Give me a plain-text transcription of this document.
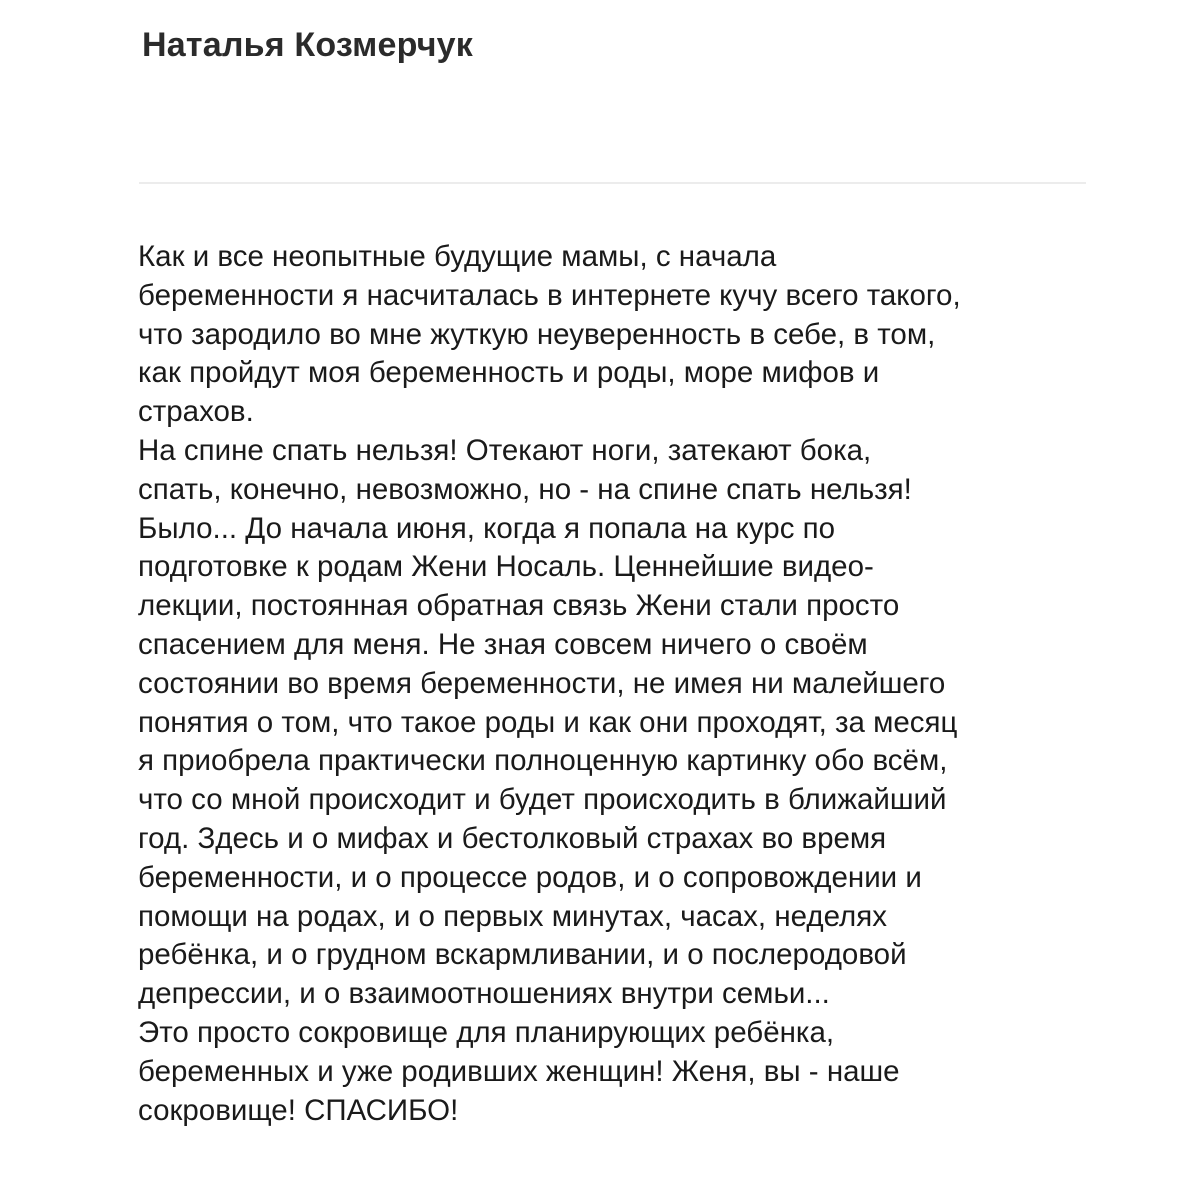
Наталья Козмерчук
Как и все неопытные будущие мамы, с начала
беременности я насчиталась в интернете кучу всего такого,
что зародило во мне жуткую неуверенность в себе, в том,
как пройдут моя беременность и роды, море мифов и
страхов.
На спине спать нельзя! Отекают ноги, затекают бока,
спать, конечно, невозможно, но - на спине спать нельзя!
Было... До начала июня, когда я попала на курс по
подготовке к родам Жени Носаль. Ценнейшие видео-
лекции, постоянная обратная связь Жени стали просто
спасением для меня. Не зная совсем ничего о своём
состоянии во время беременности, не имея ни малейшего
понятия о том, что такое роды и как они проходят, за месяц
я приобрела практически полноценную картинку обо всём,
что со мной происходит и будет происходить в ближайший
год. Здесь и о мифах и бестолковый страхах во время
беременности, и о процессе родов, и о сопровождении и
помощи на родах, и о первых минутах, часах, неделях
ребёнка, и о грудном вскармливании, и о послеродовой
депрессии, и о взаимоотношениях внутри семьи...
Это просто сокровище для планирующих ребёнка,
беременных и уже родивших женщин! Женя, вы - наше
сокровище! СПАСИБО!
